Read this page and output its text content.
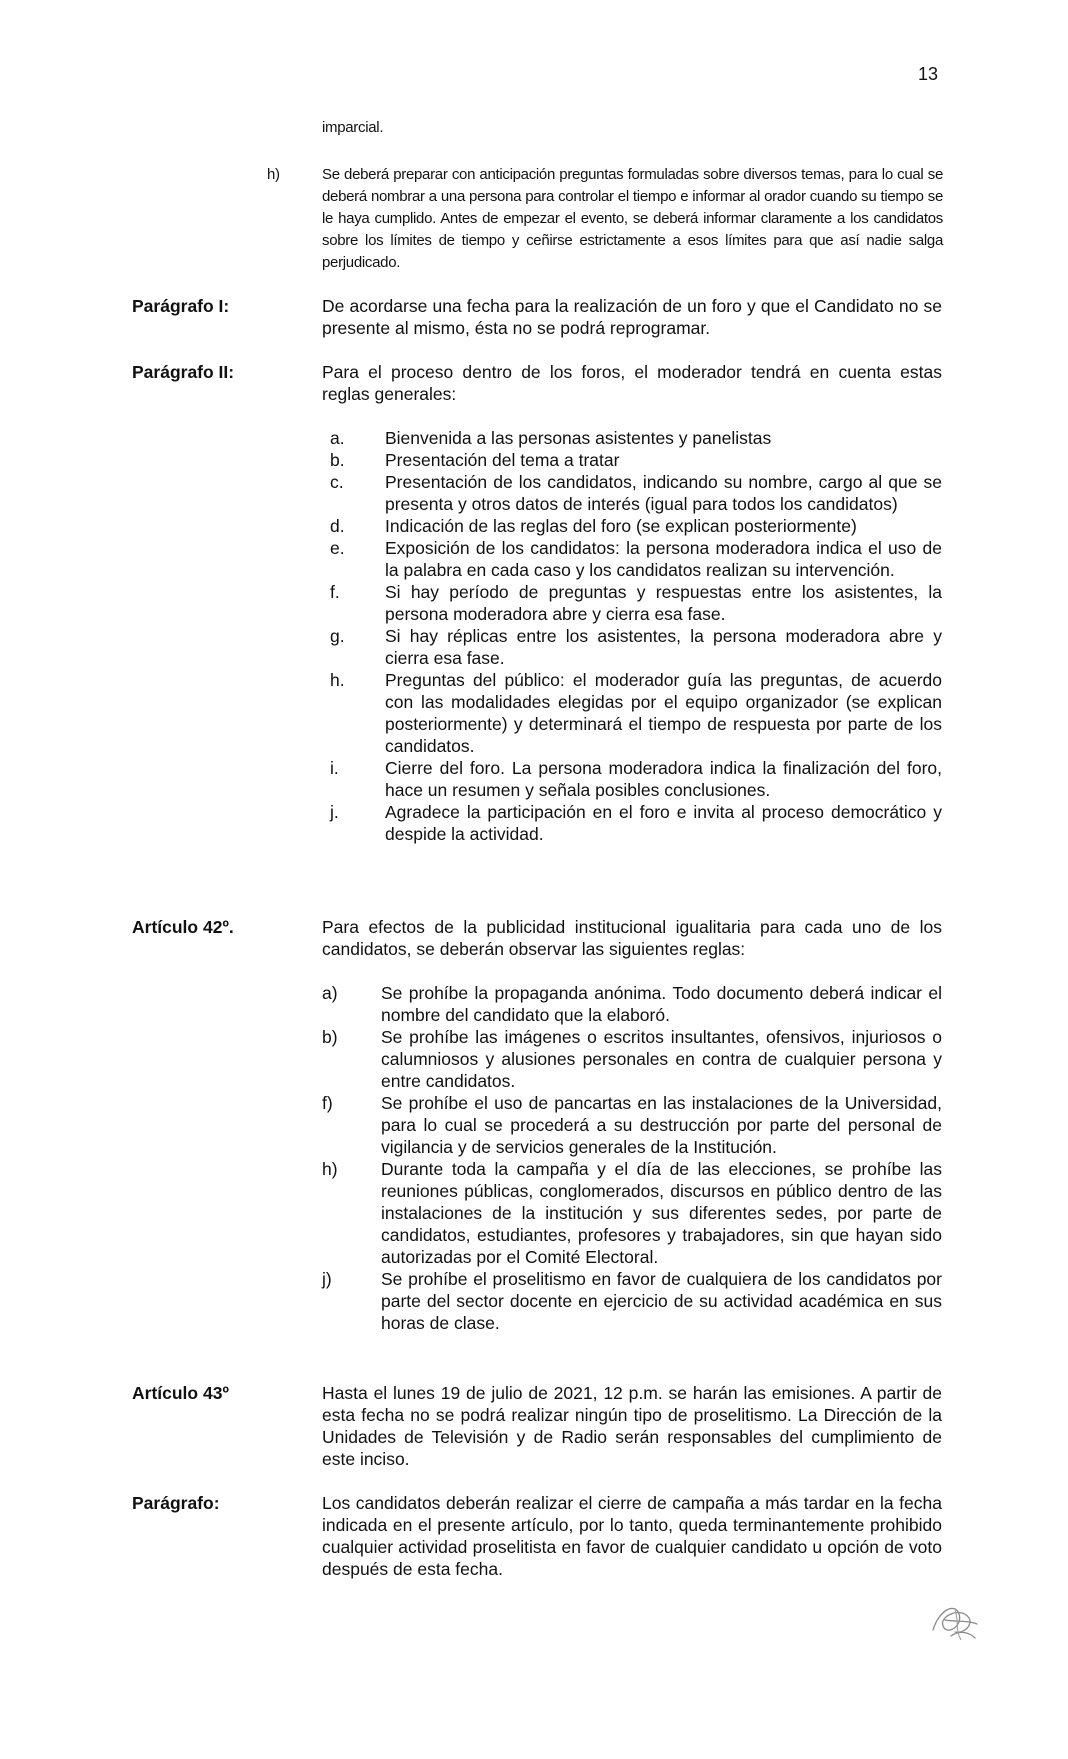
13
imparcial.
h)	Se deberá preparar con anticipación preguntas formuladas sobre diversos temas, para lo cual se deberá nombrar a una persona para controlar el tiempo e informar al orador cuando su tiempo se le haya cumplido. Antes de empezar el evento, se deberá informar claramente a los candidatos sobre los límites de tiempo y ceñirse estrictamente a esos límites para que así nadie salga perjudicado.
Parágrafo I:	De acordarse una fecha para la realización de un foro y que el Candidato no se presente al mismo, ésta no se podrá reprogramar.
Parágrafo II:	Para el proceso dentro de los foros, el moderador tendrá en cuenta estas reglas generales:
a. Bienvenida a las personas asistentes y panelistas
b. Presentación del tema a tratar
c. Presentación de los candidatos, indicando su nombre, cargo al que se presenta y otros datos de interés (igual para todos los candidatos)
d. Indicación de las reglas del foro (se explican posteriormente)
e. Exposición de los candidatos: la persona moderadora indica el uso de la palabra en cada caso y los candidatos realizan su intervención.
f.	Si hay período de preguntas y respuestas entre los asistentes, la persona moderadora abre y cierra esa fase.
g. Si hay réplicas entre los asistentes, la persona moderadora abre y cierra esa fase.
h. Preguntas del público: el moderador guía las preguntas, de acuerdo con las modalidades elegidas por el equipo organizador (se explican posteriormente) y determinará el tiempo de respuesta por parte de los candidatos.
i.	Cierre del foro. La persona moderadora indica la finalización del foro, hace un resumen y señala posibles conclusiones.
j.	Agradece la participación en el foro e invita al proceso democrático y despide la actividad.
Artículo 42º.	Para efectos de la publicidad institucional igualitaria para cada uno de los candidatos, se deberán observar las siguientes reglas:
a) Se prohíbe la propaganda anónima. Todo documento deberá indicar el nombre del candidato que la elaboró.
b) Se prohíbe las imágenes o escritos insultantes, ofensivos, injuriosos o calumniosos y alusiones personales en contra de cualquier persona y entre candidatos.
f)	Se prohíbe el uso de pancartas en las instalaciones de la Universidad, para lo cual se procederá a su destrucción por parte del personal de vigilancia y de servicios generales de la Institución.
h) Durante toda la campaña y el día de las elecciones, se prohíbe las reuniones públicas, conglomerados, discursos en público dentro de las instalaciones de la institución y sus diferentes sedes, por parte de candidatos, estudiantes, profesores y trabajadores, sin que hayan sido autorizadas por el Comité Electoral.
j)	Se prohíbe el proselitismo en favor de cualquiera de los candidatos por parte del sector docente en ejercicio de su actividad académica en sus horas de clase.
Artículo 43º	Hasta el lunes 19 de julio de 2021, 12 p.m. se harán las emisiones. A partir de esta fecha no se podrá realizar ningún tipo de proselitismo. La Dirección de la Unidades de Televisión y de Radio serán responsables del cumplimiento de este inciso.
Parágrafo:	Los candidatos deberán realizar el cierre de campaña a más tardar en la fecha indicada en el presente artículo, por lo tanto, queda terminantemente prohibido cualquier actividad proselitista en favor de cualquier candidato u opción de voto después de esta fecha.
